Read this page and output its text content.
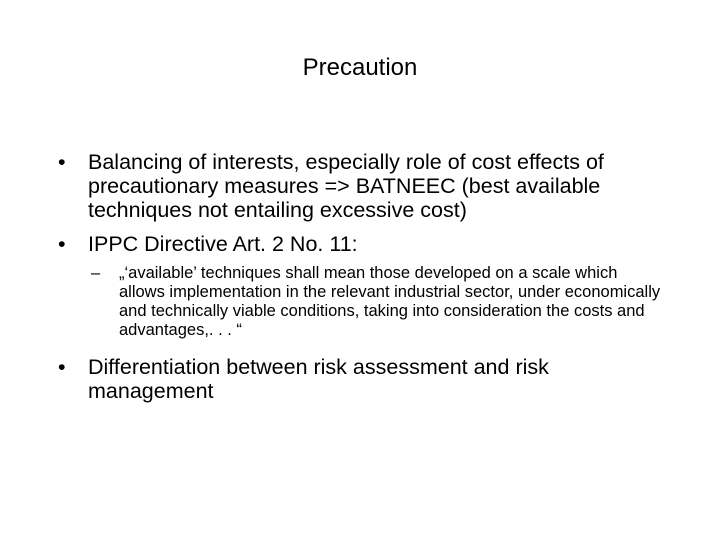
Precaution
• Balancing of interests, especially role of cost effects of precautionary measures => BATNEEC (best available techniques not entailing excessive cost)
• IPPC Directive Art. 2 No. 11:
– „‘available’ techniques shall mean those developed on a scale which allows implementation in the relevant industrial sector, under economically and technically viable conditions, taking into consideration the costs and advantages,. . . “
• Differentiation between risk assessment and risk management
